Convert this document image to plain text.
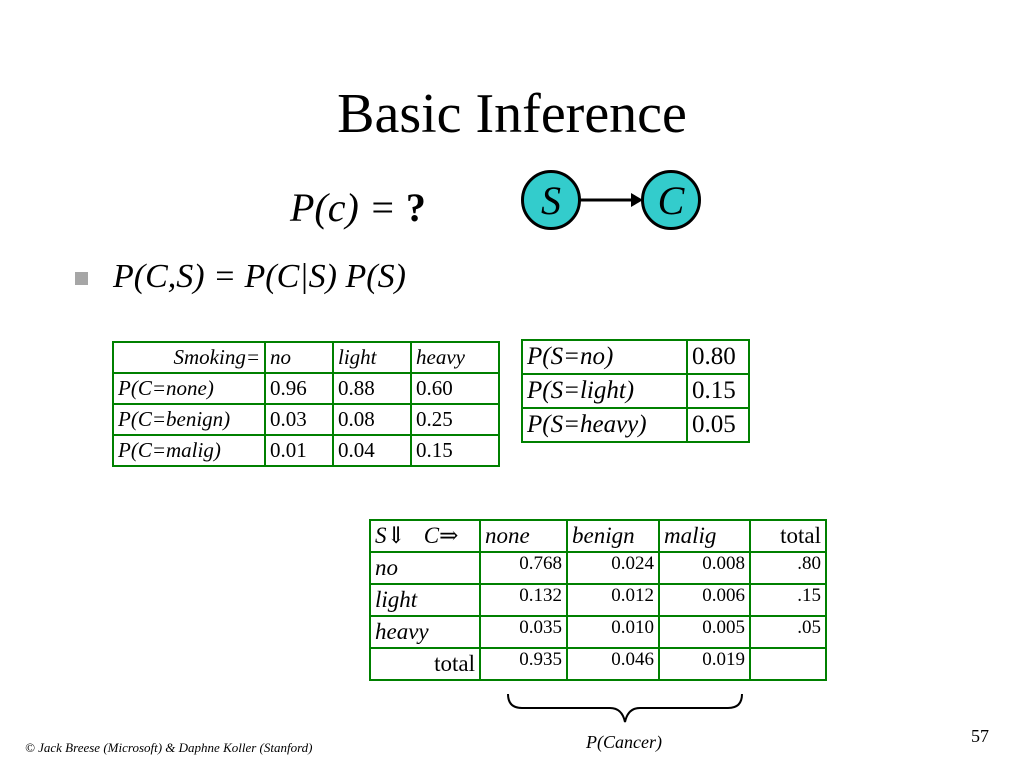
Basic Inference
P(c) = ?	S	C
P(C,S) = P(C|S) P(S)
Smoking=	no	light	heavy
P(C=none)	0.96	0.88	0.60
P(C=benign)	0.03	0.08	0.25
P(C=malig)	0.01	0.04	0.15
P(S=no)	0.80
P(S=light)	0.15
P(S=heavy)	0.05
S⇓ C⇒	none	benign	malig	total
no	0.768	0.024	0.008	.80
light	0.132	0.012	0.006	.15
heavy	0.035	0.010	0.005	.05
total	0.935	0.046	0.019	
P(Cancer)
© Jack Breese (Microsoft) & Daphne Koller (Stanford)
57
